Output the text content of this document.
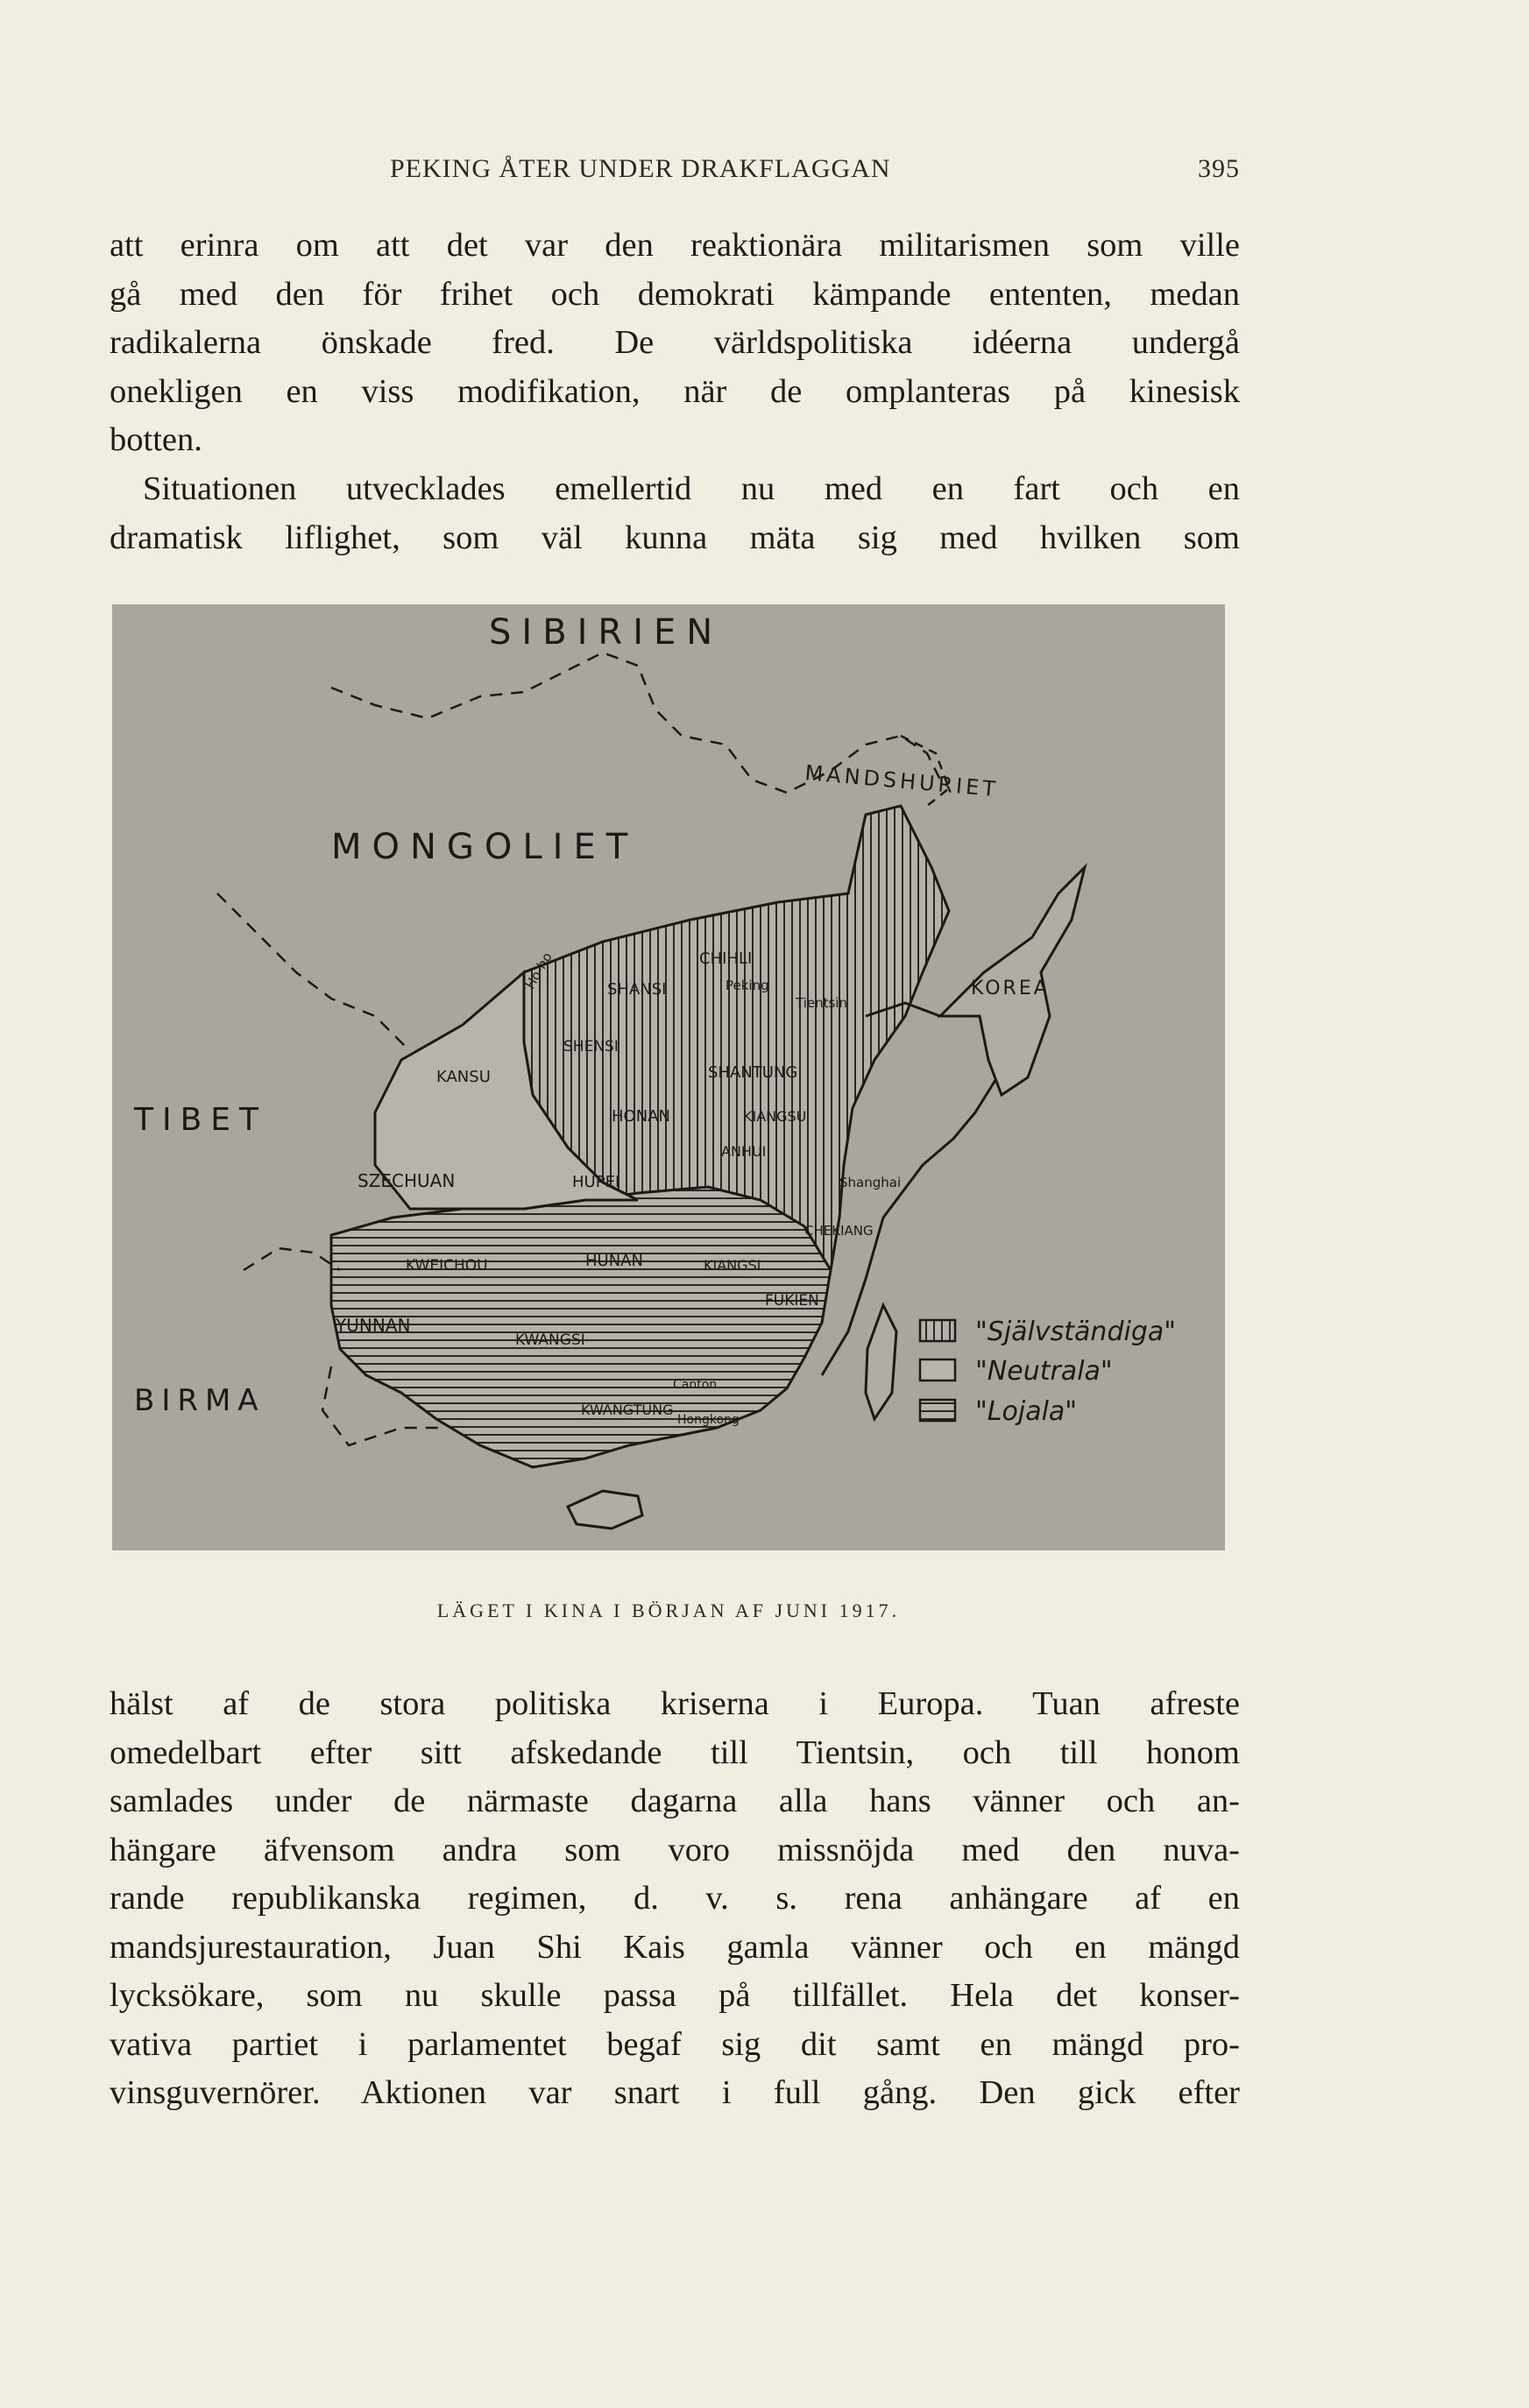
PEKING ÅTER UNDER DRAKFLAGGAN	395

att erinra om att det var den reaktionära militarismen som ville
gå med den för frihet och demokrati kämpande ententen, medan
radikalerna önskade fred. De världspolitiska idéerna undergå
onekligen en viss modifikation, när de omplanteras på kinesisk
botten.

Situationen utvecklades emellertid nu med en fart och en
dramatisk liflighet, som väl kunna mäta sig med hvilken som

SIBIRIEN
MONGOLIET
MANDSHURIET
TIBET
BIRMA
KOREA
CHIHLI
Peking
Tientsin
SHANSI
SHENSI
SHANTUNG
KANSU
HONAN	KIANGSU
ANHUI
Shanghai
SZECHUAN	HUPEI
CHEKIANG
KWEICHOU	HUNAN	KIANGSI
FUKIEN
YUNNAN
KWANGSI
KWANGTUNG
Canton
Hongkong
Ho-ho
"Självständiga"
"Neutrala"
"Lojala"
LÄGET I KINA I BÖRJAN AF JUNI 1917.

hälst af de stora politiska kriserna i Europa. Tuan afreste
omedelbart efter sitt afskedande till Tientsin, och till honom
samlades under de närmaste dagarna alla hans vänner och an-
hängare äfvensom andra som voro missnöjda med den nuva-
rande republikanska regimen, d. v. s. rena anhängare af en
mandsjurestauration, Juan Shi Kais gamla vänner och en mängd
lycksökare, som nu skulle passa på tillfället. Hela det konser-
vativa partiet i parlamentet begaf sig dit samt en mängd pro-
vinsguvernörer. Aktionen var snart i full gång. Den gick efter
